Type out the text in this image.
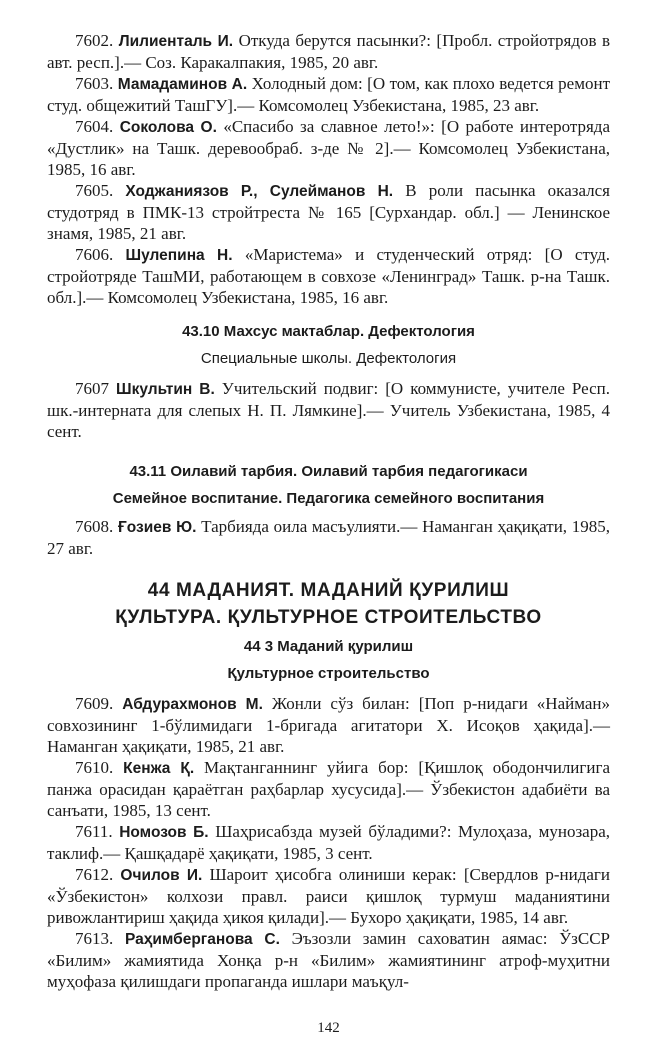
7602. Лилиенталь И. Откуда берутся пасынки?: [Пробл. стройотрядов в авт. респ.].— Соз. Каракалпакия, 1985, 20 авг.

7603. Мамадаминов А. Холодный дом: [О том, как плохо ведется ремонт студ. общежитий ТашГУ].— Комсомолец Узбекистана, 1985, 23 авг.

7604. Соколова О. «Спасибо за славное лето!»: [О работе интеротряда «Дустлик» на Ташк. деревообраб. з-де № 2].— Комсомолец Узбекистана, 1985, 16 авг.

7605. Ходжаниязов Р., Сулейманов Н. В роли пасынка оказался студотряд в ПМК-13 стройтреста № 165 [Сурхандар. обл.] — Ленинское знамя, 1985, 21 авг.

7606. Шулепина Н. «Маристема» и студенческий отряд: [О студ. стройотряде ТашМИ, работающем в совхозе «Ленинград» Ташк. р-на Ташк. обл.].— Комсомолец Узбекистана, 1985, 16 авг.

43.10 Махсус мактаблар. Дефектология

Специальные школы. Дефектология

7607 Шкультин В. Учительский подвиг: [О коммунисте, учителе Респ. шк.-интерната для слепых Н. П. Лямкине].— Учитель Узбекистана, 1985, 4 сент.

43.11 Оилавий тарбия. Оилавий тарбия педагогикаси

Семейное воспитание. Педагогика семейного воспитания

7608. Ғозиев Ю. Тарбияда оила масъулияти.— Наманган ҳақиқати, 1985, 27 авг.

44 МАДАНИЯТ. МАДАНИЙ ҚУРИЛИШ

ҚУЛЬТУРА. ҚУЛЬТУРНОЕ СТРОИТЕЛЬСТВО

44 3 Маданий қурилиш

Қультурное строительство

7609. Абдурахмонов М. Жонли сўз билан: [Поп р-нидаги «Найман» совхозининг 1-бўлимидаги 1-бригада агитатори Х. Исоқов ҳақида].— Наманган ҳақиқати, 1985, 21 авг.

7610. Кенжа Қ. Мақтанганнинг уйига бор: [Қишлоқ ободончилигига панжа орасидан қараётган раҳбарлар хусусида].— Ўзбекистон адабиёти ва санъати, 1985, 13 сент.

7611. Номозов Б. Шаҳрисабзда музей бўладими?: Мулоҳаза, мунозара, таклиф.— Қашқадарё ҳақиқати, 1985, 3 сент.

7612. Очилов И. Шароит ҳисобга олиниши керак: [Свердлов р-нидаги «Ўзбекистон» колхози правл. раиси қишлоқ турмуш маданиятини ривожлантириш ҳақида ҳикоя қилади].— Бухоро ҳақиқати, 1985, 14 авг.

7613. Раҳимберганова С. Эъзозли замин саховатин аямас: ЎзССР «Билим» жамиятида Хонқа р-н «Билим» жамиятининг атроф-муҳитни муҳофаза қилишдаги пропаганда ишлари маъқул-

142
